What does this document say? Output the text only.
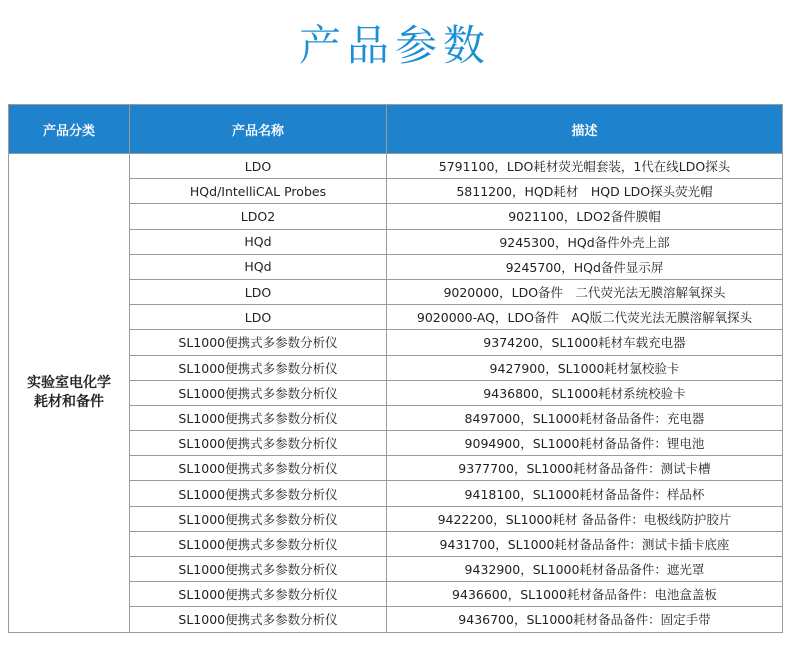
产品参数
产品分类	产品名称	描述

实验室电化学
耗材和备件	LDO	5791100，LDO耗材荧光帽套装，1代在线LDO探头
	HQd/IntelliCAL Probes	5811200，HQD耗材　HQD LDO探头荧光帽
	LDO2	9021100，LDO2备件膜帽
	HQd	9245300，HQd备件外壳上部
	HQd	9245700，HQd备件显示屏
	LDO	9020000，LDO备件　二代荧光法无膜溶解氧探头
	LDO	9020000-AQ，LDO备件　AQ版二代荧光法无膜溶解氧探头
	SL1000便携式多参数分析仪	9374200，SL1000耗材车载充电器
	SL1000便携式多参数分析仪	9427900，SL1000耗材氯校验卡
	SL1000便携式多参数分析仪	9436800，SL1000耗材系统校验卡
	SL1000便携式多参数分析仪	8497000，SL1000耗材备品备件：充电器
	SL1000便携式多参数分析仪	9094900，SL1000耗材备品备件：锂电池
	SL1000便携式多参数分析仪	9377700，SL1000耗材备品备件：测试卡槽
	SL1000便携式多参数分析仪	9418100，SL1000耗材备品备件：样品杯
	SL1000便携式多参数分析仪	9422200，SL1000耗材 备品备件：电极线防护胶片
	SL1000便携式多参数分析仪	9431700，SL1000耗材备品备件：测试卡插卡底座
	SL1000便携式多参数分析仪	9432900，SL1000耗材备品备件：遮光罩
	SL1000便携式多参数分析仪	9436600，SL1000耗材备品备件：电池盒盖板
	SL1000便携式多参数分析仪	9436700，SL1000耗材备品备件：固定手带
